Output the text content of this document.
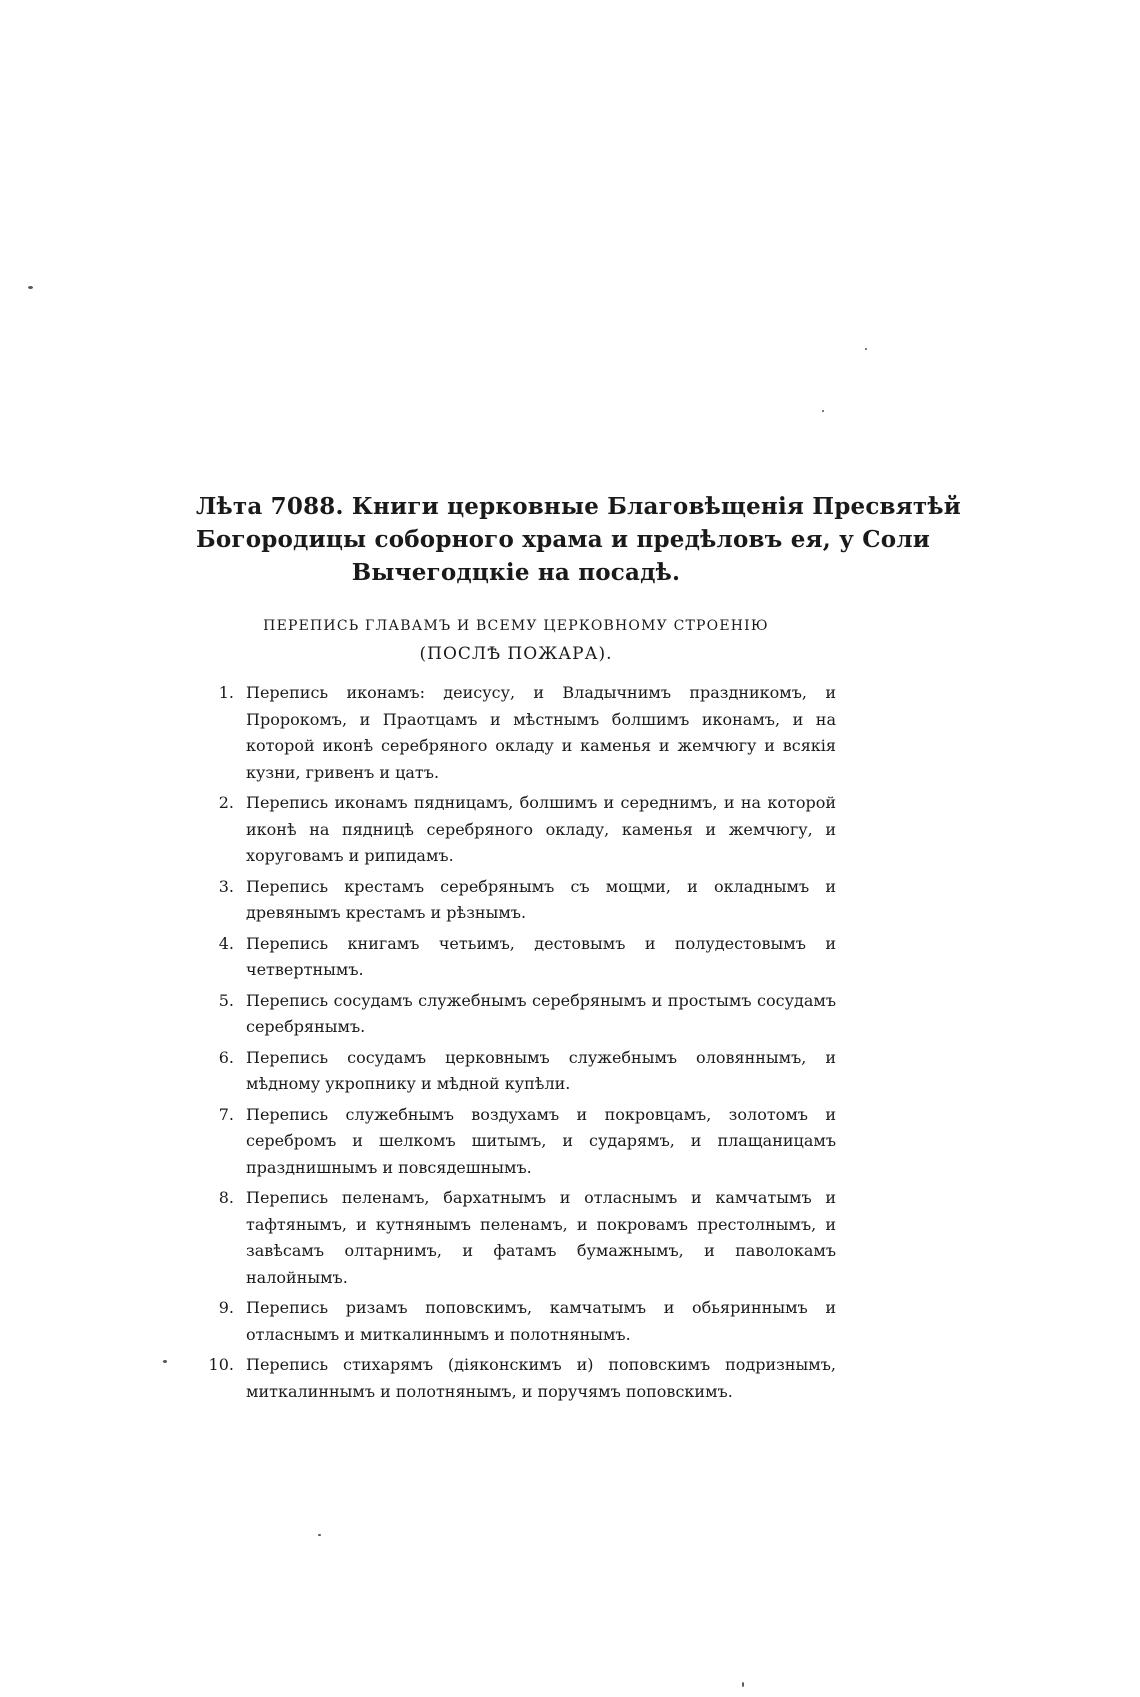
Лѣта 7088. Книги церковные Благовѣщенія Пресвятѣй
Богородицы соборного храма и предѣловъ ея, у Соли
Вычегодцкіе на посадѣ.
ПЕРЕПИСЬ ГЛАВАМЪ И ВСЕМУ ЦЕРКОВНОМУ СТРОЕНІЮ
(ПОСЛѢ ПОЖАРА).
1. Перепись иконамъ: деисусу, и Владычнимъ праздникомъ, и Пророкомъ, и Праотцамъ и мѣстнымъ болшимъ иконамъ, и на которой иконѣ серебряного окладу и каменья и жемчюгу и всякія кузни, гривенъ и цатъ.
2. Перепись иконамъ пядницамъ, болшимъ и середнимъ, и на которой иконѣ на пядницѣ серебряного окладу, каменья и жемчюгу, и хоруговамъ и рипидамъ.
3. Перепись крестамъ серебрянымъ съ мощми, и окладнымъ и древянымъ крестамъ и рѣзнымъ.
4. Перепись книгамъ четьимъ, дестовымъ и полудестовымъ и четвертнымъ.
5. Перепись сосудамъ служебнымъ серебрянымъ и простымъ сосудамъ серебрянымъ.
6. Перепись сосудамъ церковнымъ служебнымъ оловяннымъ, и мѣдному укропнику и мѣдной купѣли.
7. Перепись служебнымъ воздухамъ и покровцамъ, золотомъ и серебромъ и шелкомъ шитымъ, и сударямъ, и плащаницамъ празднишнымъ и повсядешнымъ.
8. Перепись пеленамъ, бархатнымъ и отласнымъ и камчатымъ и тафтянымъ, и кутнянымъ пеленамъ, и покровамъ престолнымъ, и завѣсамъ олтарнимъ, и фатамъ бумажнымъ, и паволокамъ налойнымъ.
9. Перепись ризамъ поповскимъ, камчатымъ и обьяриннымъ и отласнымъ и миткалиннымъ и полотнянымъ.
10. Перепись стихарямъ (діяконскимъ и) поповскимъ подризнымъ, миткалиннымъ и полотнянымъ, и поручямъ поповскимъ.
